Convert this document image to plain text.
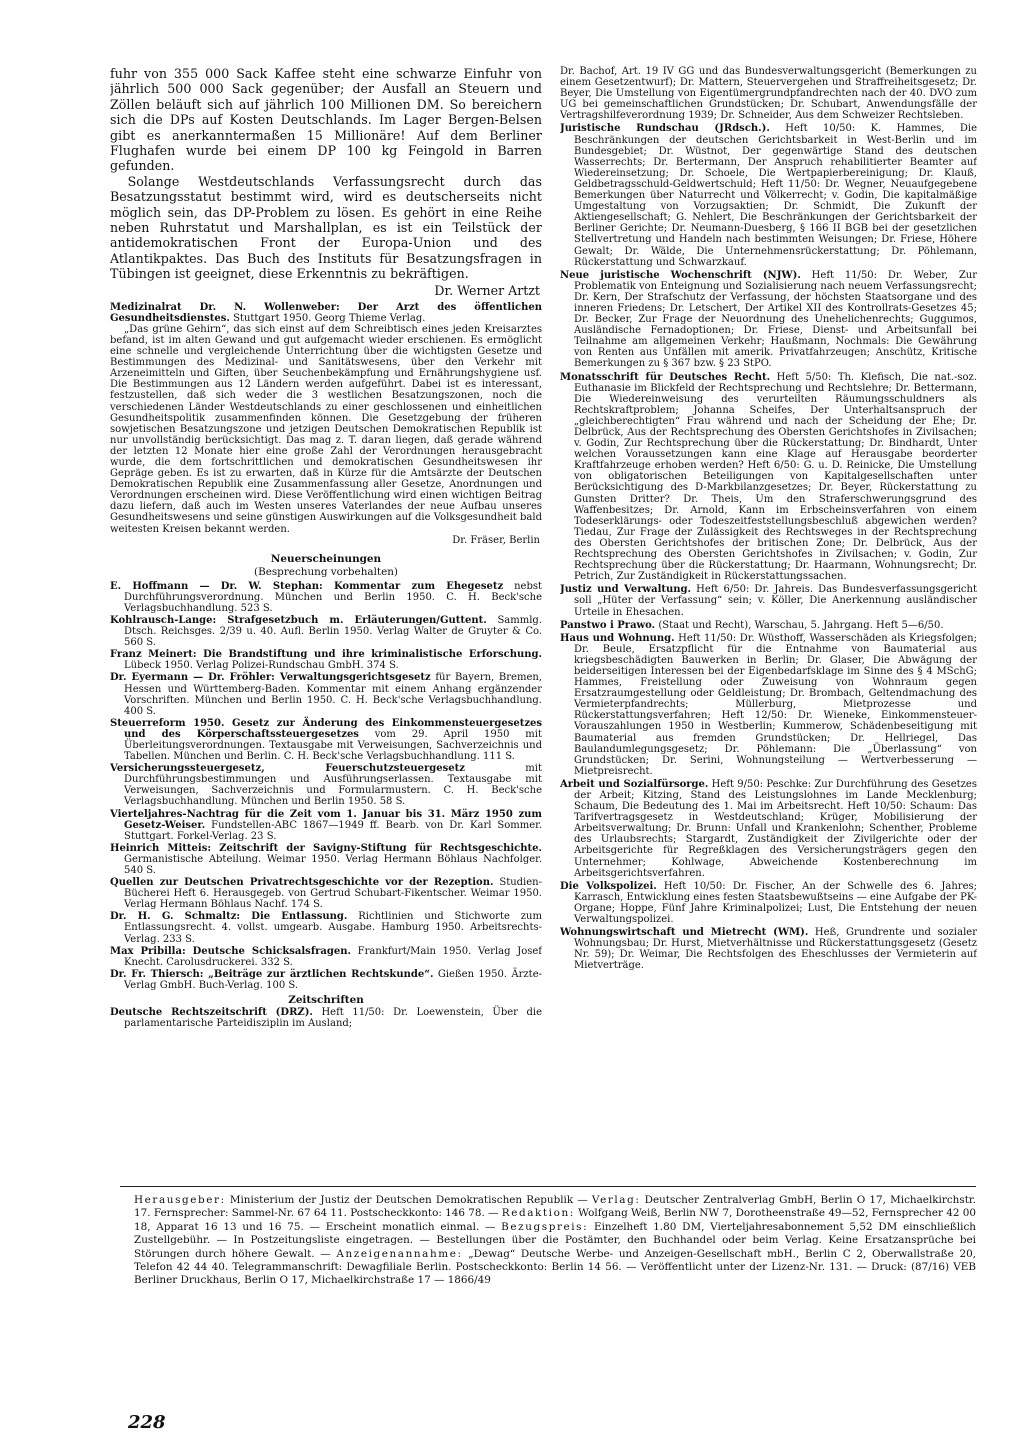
fuhr von 355 000 Sack Kaffee steht eine schwarze Einfuhr von jährlich 500 000 Sack gegenüber; der Ausfall an Steuern und Zöllen beläuft sich auf jährlich 100 Millionen DM. So bereichern sich die DPs auf Kosten Deutschlands. Im Lager Bergen-Belsen gibt es anerkanntermaßen 15 Millionäre! Auf dem Berliner Flughafen wurde bei einem DP 100 kg Feingold in Barren gefunden.

Solange Westdeutschlands Verfassungsrecht durch das Besatzungsstatut bestimmt wird, wird es deutscherseits nicht möglich sein, das DP-Problem zu lösen. Es gehört in eine Reihe neben Ruhrstatut und Marshallplan, es ist ein Teilstück der antidemokratischen Front der Europa-Union und des Atlantikpaktes. Das Buch des Instituts für Besatzungsfragen in Tübingen ist geeignet, diese Erkenntnis zu bekräftigen.

Dr. Werner Artzt

Medizinalrat Dr. N. Wollenweber: Der Arzt des öffentlichen Gesundheitsdienstes. Stuttgart 1950. Georg Thieme Verlag.

„Das grüne Gehirn“, das sich einst auf dem Schreibtisch eines jeden Kreisarztes befand, ist im alten Gewand und gut aufgemacht wieder erschienen. Es ermöglicht eine schnelle und vergleichende Unterrichtung über die wichtigsten Gesetze und Bestimmungen des Medizinal- und Sanitätswesens, über den Verkehr mit Arzeneimitteln und Giften, über Seuchenbekämpfung und Ernährungshygiene usf. Die Bestimmungen aus 12 Ländern werden aufgeführt. Dabei ist es interessant, festzustellen, daß sich weder die 3 westlichen Besatzungszonen, noch die verschiedenen Länder Westdeutschlands zu einer geschlossenen und einheitlichen Gesundheitspolitik zusammenfinden können. Die Gesetzgebung der früheren sowjetischen Besatzungszone und jetzigen Deutschen Demokratischen Republik ist nur unvollständig berücksichtigt. Das mag z. T. daran liegen, daß gerade während der letzten 12 Monate hier eine große Zahl der Verordnungen herausgebracht wurde, die dem fortschrittlichen und demokratischen Gesundheitswesen ihr Gepräge geben. Es ist zu erwarten, daß in Kürze für die Amtsärzte der Deutschen Demokratischen Republik eine Zusammenfassung aller Gesetze, Anordnungen und Verordnungen erscheinen wird. Diese Veröffentlichung wird einen wichtigen Beitrag dazu liefern, daß auch im Westen unseres Vaterlandes der neue Aufbau unseres Gesundheitswesens und seine günstigen Auswirkungen auf die Volksgesundheit bald weitesten Kreisen bekannt werden.

Dr. Fräser, Berlin
Neuerscheinungen
(Besprechung vorbehalten)

E. Hoffmann — Dr. W. Stephan: Kommentar zum Ehegesetz nebst Durchführungsverordnung. München und Berlin 1950. C. H. Beck'sche Verlagsbuchhandlung. 523 S.

Kohlrausch-Lange: Strafgesetzbuch m. Erläuterungen/Guttent. Sammlg. Dtsch. Reichsges. 2/39 u. 40. Aufl. Berlin 1950. Verlag Walter de Gruyter & Co. 560 S.

Franz Meinert: Die Brandstiftung und ihre kriminalistische Erforschung. Lübeck 1950. Verlag Polizei-Rundschau GmbH. 374 S.

Dr. Eyermann — Dr. Fröhler: Verwaltungsgerichtsgesetz für Bayern, Bremen, Hessen und Württemberg-Baden. Kommentar mit einem Anhang ergänzender Vorschriften. München und Berlin 1950. C. H. Beck'sche Verlagsbuchhandlung. 400 S.

Steuerreform 1950. Gesetz zur Änderung des Einkommensteuergesetzes und des Körperschaftssteuergesetzes vom 29. April 1950 mit Überleitungsverordnungen. Textausgabe mit Verweisungen, Sachverzeichnis und Tabellen. München und Berlin. C. H. Beck'sche Verlagsbuchhandlung. 111 S.

Versicherungssteuergesetz, Feuerschutzsteuergesetz mit Durchführungsbestimmungen und Ausführungserlassen. Textausgabe mit Verweisungen, Sachverzeichnis und Formularmustern. C. H. Beck'sche Verlagsbuchhandlung. München und Berlin 1950. 58 S.

Vierteljahres-Nachtrag für die Zeit vom 1. Januar bis 31. März 1950 zum Gesetz-Weiser. Fundstellen-ABC 1867—1949 ff. Bearb. von Dr. Karl Sommer. Stuttgart. Forkel-Verlag. 23 S.

Heinrich Mitteis: Zeitschrift der Savigny-Stiftung für Rechtsgeschichte. Germanistische Abteilung. Weimar 1950. Verlag Hermann Böhlaus Nachfolger. 540 S.

Quellen zur Deutschen Privatrechtsgeschichte vor der Rezeption. Studien-Bücherei Heft 6. Herausgegeb. von Gertrud Schubart-Fikentscher. Weimar 1950. Verlag Hermann Böhlaus Nachf. 174 S.

Dr. H. G. Schmaltz: Die Entlassung. Richtlinien und Stichworte zum Entlassungsrecht. 4. vollst. umgearb. Ausgabe. Hamburg 1950. Arbeitsrechts-Verlag. 233 S.

Max Pribilla: Deutsche Schicksalsfragen. Frankfurt/Main 1950. Verlag Josef Knecht. Carolusdruckerei. 332 S.

Dr. Fr. Thiersch: „Beiträge zur ärztlichen Rechtskunde“. Gießen 1950. Ärzte-Verlag GmbH. Buch-Verlag. 100 S.

Zeitschriften

Deutsche Rechtszeitschrift (DRZ). Heft 11/50: Dr. Loewenstein, Über die parlamentarische Parteidisziplin im Ausland;

Dr. Bachof, Art. 19 IV GG und das Bundesverwaltungsgericht (Bemerkungen zu einem Gesetzentwurf); Dr. Mattern, Steuervergehen und Straffreiheitsgesetz; Dr. Beyer, Die Umstellung von Eigentümergrundpfandrechten nach der 40. DVO zum UG bei gemeinschaftlichen Grundstücken; Dr. Schubart, Anwendungsfälle der Vertragshilfeverordnung 1939; Dr. Schneider, Aus dem Schweizer Rechtsleben.

Juristische Rundschau (JRdsch.). Heft 10/50: K. Hammes, Die Beschränkungen der deutschen Gerichtsbarkeit in West-Berlin und im Bundesgebiet; Dr. Wüstnot, Der gegenwärtige Stand des deutschen Wasserrechts; Dr. Bertermann, Der Anspruch rehabilitierter Beamter auf Wiedereinsetzung; Dr. Schoele, Die Wertpapierbereinigung; Dr. Klauß, Geldbetragsschuld-Geldwertschuld; Heft 11/50: Dr. Wegner, Neuaufgegebene Bemerkungen über Naturrecht und Völkerrecht; v. Godin, Die kapitalmäßige Umgestaltung von Vorzugsaktien; Dr. Schmidt, Die Zukunft der Aktiengesellschaft; G. Nehlert, Die Beschränkungen der Gerichtsbarkeit der Berliner Gerichte; Dr. Neumann-Duesberg, § 166 II BGB bei der gesetzlichen Stellvertretung und Handeln nach bestimmten Weisungen; Dr. Friese, Höhere Gewalt; Dr. Wälde, Die Unternehmensrückerstattung; Dr. Pöhlemann, Rückerstattung und Schwarzkauf.

Neue juristische Wochenschrift (NJW). Heft 11/50: Dr. Weber, Zur Problematik von Enteignung und Sozialisierung nach neuem Verfassungsrecht; Dr. Kern, Der Strafschutz der Verfassung, der höchsten Staatsorgane und des inneren Friedens; Dr. Letschert, Der Artikel XII des Kontrollrats-Gesetzes 45; Dr. Becker, Zur Frage der Neuordnung des Unehelichenrechts; Guggumos, Ausländische Fernadoptionen; Dr. Friese, Dienst- und Arbeitsunfall bei Teilnahme am allgemeinen Verkehr; Haußmann, Nochmals: Die Gewährung von Renten aus Unfällen mit amerik. Privatfahrzeugen; Anschütz, Kritische Bemerkungen zu § 367 bzw. § 23 StPO.

Monatsschrift für Deutsches Recht. Heft 5/50: Th. Klefisch, Die nat.-soz. Euthanasie im Blickfeld der Rechtsprechung und Rechtslehre; Dr. Bettermann, Die Wiedereinweisung des verurteilten Räumungsschuldners als Rechtskraftproblem; Johanna Scheifes, Der Unterhaltsanspruch der „gleichberechtigten“ Frau während und nach der Scheidung der Ehe; Dr. Delbrück, Aus der Rechtsprechung des Obersten Gerichtshofes in Zivilsachen; v. Godin, Zur Rechtsprechung über die Rückerstattung; Dr. Bindhardt, Unter welchen Voraussetzungen kann eine Klage auf Herausgabe beorderter Kraftfahrzeuge erhoben werden? Heft 6/50: G. u. D. Reinicke, Die Umstellung von obligatorischen Beteiligungen von Kapitalgesellschaften unter Berücksichtigung des D-Markbilanzgesetzes; Dr. Beyer, Rückerstattung zu Gunsten Dritter? Dr. Theis, Um den Straferschwerungsgrund des Waffenbesitzes; Dr. Arnold, Kann im Erbscheinsverfahren von einem Todeserklärungs- oder Todeszeitfeststellungsbeschluß abgewichen werden? Tiedau, Zur Frage der Zulässigkeit des Rechtsweges in der Rechtsprechung des Obersten Gerichtshofes der britischen Zone; Dr. Delbrück, Aus der Rechtsprechung des Obersten Gerichtshofes in Zivilsachen; v. Godin, Zur Rechtsprechung über die Rückerstattung; Dr. Haarmann, Wohnungsrecht; Dr. Petrich, Zur Zuständigkeit in Rückerstattungssachen.

Justiz und Verwaltung. Heft 6/50: Dr. Jahreis. Das Bundesverfassungsgericht soll „Hüter der Verfassung“ sein; v. Köller, Die Anerkennung ausländischer Urteile in Ehesachen.

Panstwo i Prawo. (Staat und Recht), Warschau, 5. Jahrgang. Heft 5—6/50.

Haus und Wohnung. Heft 11/50: Dr. Wüsthoff, Wasserschäden als Kriegsfolgen; Dr. Beule, Ersatzpflicht für die Entnahme von Baumaterial aus kriegsbeschädigten Bauwerken in Berlin; Dr. Glaser, Die Abwägung der beiderseitigen Interessen bei der Eigenbedarfsklage im Sinne des § 4 MSchG; Hammes, Freistellung oder Zuweisung von Wohnraum gegen Ersatzraumgestellung oder Geldleistung; Dr. Brombach, Geltendmachung des Vermieterpfandrechts; Müllerburg, Mietprozesse und Rückerstattungsverfahren; Heft 12/50: Dr. Wieneke, Einkommensteuer-Vorauszahlungen 1950 in Westberlin; Kummerow, Schädenbeseitigung mit Baumaterial aus fremden Grundstücken; Dr. Hellriegel, Das Baulandumlegungsgesetz; Dr. Pöhlemann: Die „Überlassung“ von Grundstücken; Dr. Serini, Wohnungsteilung — Wertverbesserung — Mietpreisrecht.

Arbeit und Sozialfürsorge. Heft 9/50: Peschke: Zur Durchführung des Gesetzes der Arbeit; Kitzing, Stand des Leistungslohnes im Lande Mecklenburg; Schaum, Die Bedeutung des 1. Mai im Arbeitsrecht. Heft 10/50: Schaum: Das Tarifvertragsgesetz in Westdeutschland; Krüger, Mobilisierung der Arbeitsverwaltung; Dr. Brunn: Unfall und Krankenlohn; Schenther, Probleme des Urlaubsrechts; Stargardt, Zuständigkeit der Zivilgerichte oder der Arbeitsgerichte für Regreßklagen des Versicherungsträgers gegen den Unternehmer; Kohlwage, Abweichende Kostenberechnung im Arbeitsgerichtsverfahren.

Die Volkspolizei. Heft 10/50: Dr. Fischer, An der Schwelle des 6. Jahres; Karrasch, Entwicklung eines festen Staatsbewußtseins — eine Aufgabe der PK-Organe; Hoppe, Fünf Jahre Kriminalpolizei; Lust, Die Entstehung der neuen Verwaltungspolizei.

Wohnungswirtschaft und Mietrecht (WM). Heß, Grundrente und sozialer Wohnungsbau; Dr. Hurst, Mietverhältnisse und Rückerstattungsgesetz (Gesetz Nr. 59); Dr. Weimar, Die Rechtsfolgen des Eheschlusses der Vermieterin auf Mietverträge.

Herausgeber: Ministerium der Justiz der Deutschen Demokratischen Republik — Verlag: Deutscher Zentralverlag GmbH, Berlin O 17, Michaelkirchstr. 17. Fernsprecher: Sammel-Nr. 67 64 11. Postscheckkonto: 146 78. — Redaktion: Wolfgang Weiß, Berlin NW 7, Dorotheenstraße 49—52, Fernsprecher 42 00 18, Apparat 16 13 und 16 75. — Erscheint monatlich einmal. — Bezugspreis: Einzelheft 1.80 DM, Vierteljahresabonnement 5,52 DM einschließlich Zustellgebühr. — In Postzeitungsliste eingetragen. — Bestellungen über die Postämter, den Buchhandel oder beim Verlag. Keine Ersatzansprüche bei Störungen durch höhere Gewalt. — Anzeigenannahme: „Dewag“ Deutsche Werbe- und Anzeigen-Gesellschaft mbH., Berlin C 2, Oberwallstraße 20, Telefon 42 44 40. Telegrammanschrift: Dewagfiliale Berlin. Postscheckkonto: Berlin 14 56. — Veröffentlicht unter der Lizenz-Nr. 131. — Druck: (87/16) VEB Berliner Druckhaus, Berlin O 17, Michaelkirchstraße 17 — 1866/49
228
